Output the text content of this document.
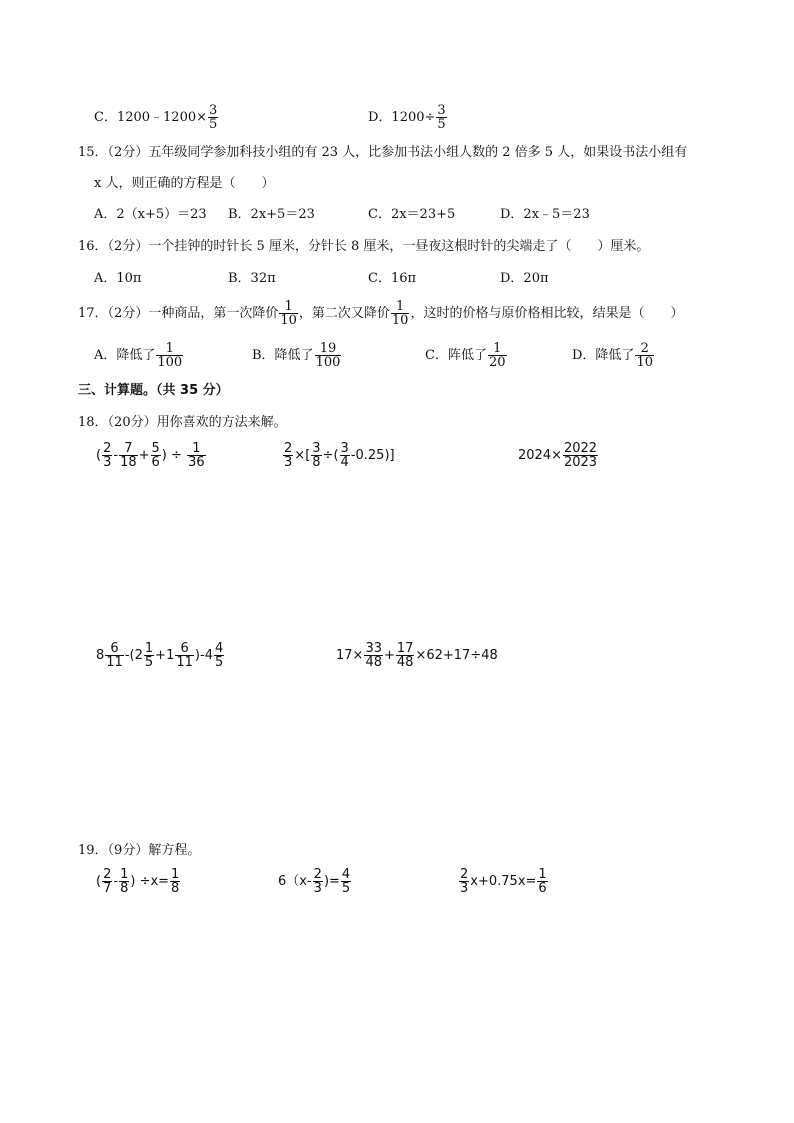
C．1200﹣1200× $\frac{3}{5}$	D．$1200\div \frac{3}{5}$
15．（2分）五年级同学参加科技小组的有 23 人，比参加书法小组人数的 2 倍多 5 人，如果设书法小组有
x 人，则正确的方程是（　　）
A．2（x+5）＝23 B．2x+5＝23	C．2x＝23+5	D．2x﹣5＝23
16．（2分）一个挂钟的时针长 5 厘米，分针长 8 厘米，一昼夜这根时针的尖端走了（　　）厘米。
A．10π	B．32π	C．16π	D．20π
17．（2分）一种商品，第一次降价 $\frac{1}{10}$ ，第二次又降价 $\frac{1}{10}$ ，这时的价格与原价格相比较，结果是（　　）
A．降低了 $\frac{1}{100}$	B．降低了 $\frac{19}{100}$	C．阵低了 $\frac{1}{20}$	D．降低了 $\frac{2}{10}$
三、计算题。（共 35 分）
18．（20分）用你喜欢的方法来解。
( $\frac{2}{3} - \frac{7}{18} + \frac{5}{6}$ ) ÷ $\frac{1}{36}$	$\frac{2}{3}$ ×[ $\frac{3}{8}$ ÷( $\frac{3}{4} -0.25$)]	$2024\times \frac{2022}{2023}$
$8 \frac{6}{11} -(2 \frac{1}{5} +1 \frac{6}{11} )-4 \frac{4}{5}$	$17\times \frac{33}{48} + \frac{17}{48} \times 62+17\div 48$
19．（9分）解方程。
( $\frac{2}{7} - \frac{1}{8}$ ) $\div x= \frac{1}{8}$	$6(x- \frac{2}{3}$ )= $\frac{4}{5}$	$\frac{2}{3} x+0.75x= \frac{1}{6}$
